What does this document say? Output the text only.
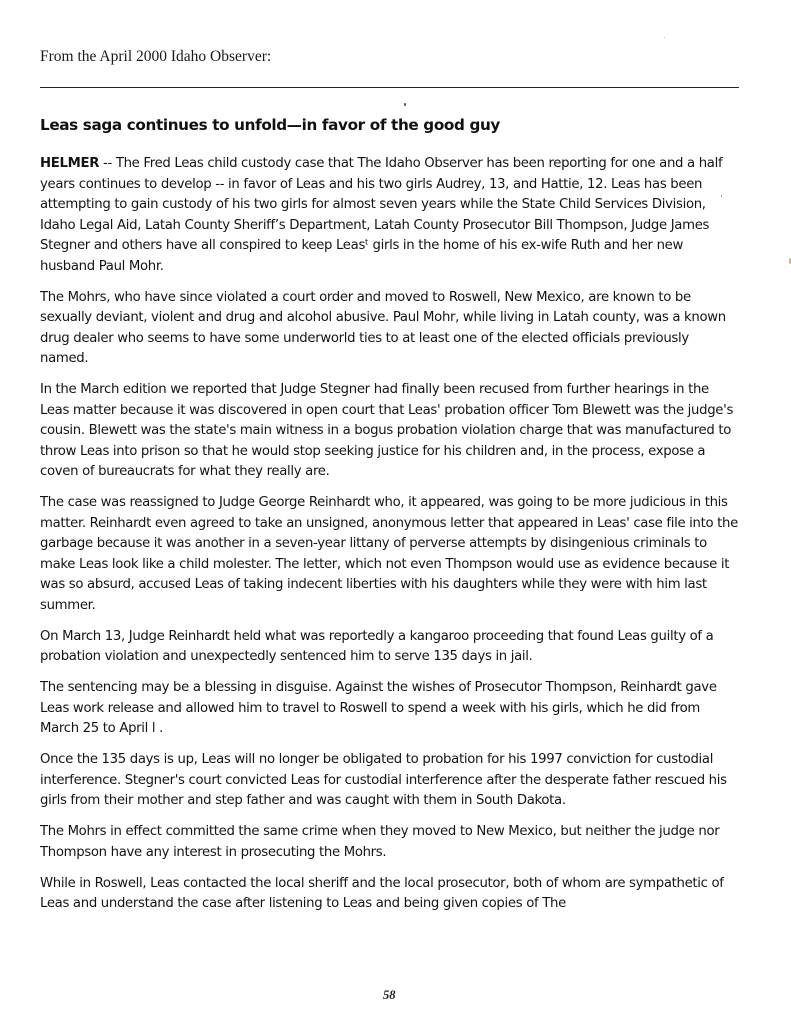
From the April 2000 Idaho Observer:

Leas saga continues to unfold—in favor of the good guy

HELMER -- The Fred Leas child custody case that The Idaho Observer has been reporting for one and a half years continues to develop -- in favor of Leas and his two girls Audrey, 13, and Hattie, 12. Leas has been attempting to gain custody of his two girls for almost seven years while the State Child Services Division, Idaho Legal Aid, Latah County Sheriff’s Department, Latah County Prosecutor Bill Thompson, Judge James Stegner and others have all conspired to keep Leasᵗ girls in the home of his ex-wife Ruth and her new husband Paul Mohr.

The Mohrs, who have since violated a court order and moved to Roswell, New Mexico, are known to be sexually deviant, violent and drug and alcohol abusive. Paul Mohr, while living in Latah county, was a known drug dealer who seems to have some underworld ties to at least one of the elected officials previously named.

In the March edition we reported that Judge Stegner had finally been recused from further hearings in the Leas matter because it was discovered in open court that Leas' probation officer Tom Blewett was the judge's cousin. Blewett was the state's main witness in a bogus probation violation charge that was manufactured to throw Leas into prison so that he would stop seeking justice for his children and, in the process, expose a coven of bureaucrats for what they really are.

The case was reassigned to Judge George Reinhardt who, it appeared, was going to be more judicious in this matter. Reinhardt even agreed to take an unsigned, anonymous letter that appeared in Leas' case file into the garbage because it was another in a seven-year littany of perverse attempts by disingenious criminals to make Leas look like a child molester. The letter, which not even Thompson would use as evidence because it was so absurd, accused Leas of taking indecent liberties with his daughters while they were with him last summer.

On March 13, Judge Reinhardt held what was reportedly a kangaroo proceeding that found Leas guilty of a probation violation and unexpectedly sentenced him to serve 135 days in jail.

The sentencing may be a blessing in disguise. Against the wishes of Prosecutor Thompson, Reinhardt gave Leas work release and allowed him to travel to Roswell to spend a week with his girls, which he did from March 25 to April l .

Once the 135 days is up, Leas will no longer be obligated to probation for his 1997 conviction for custodial interference. Stegner's court convicted Leas for custodial interference after the desperate father rescued his girls from their mother and step father and was caught with them in South Dakota.

The Mohrs in effect committed the same crime when they moved to New Mexico, but neither the judge nor Thompson have any interest in prosecuting the Mohrs.

While in Roswell, Leas contacted the local sheriff and the local prosecutor, both of whom are sympathetic of Leas and understand the case after listening to Leas and being given copies of The

58
